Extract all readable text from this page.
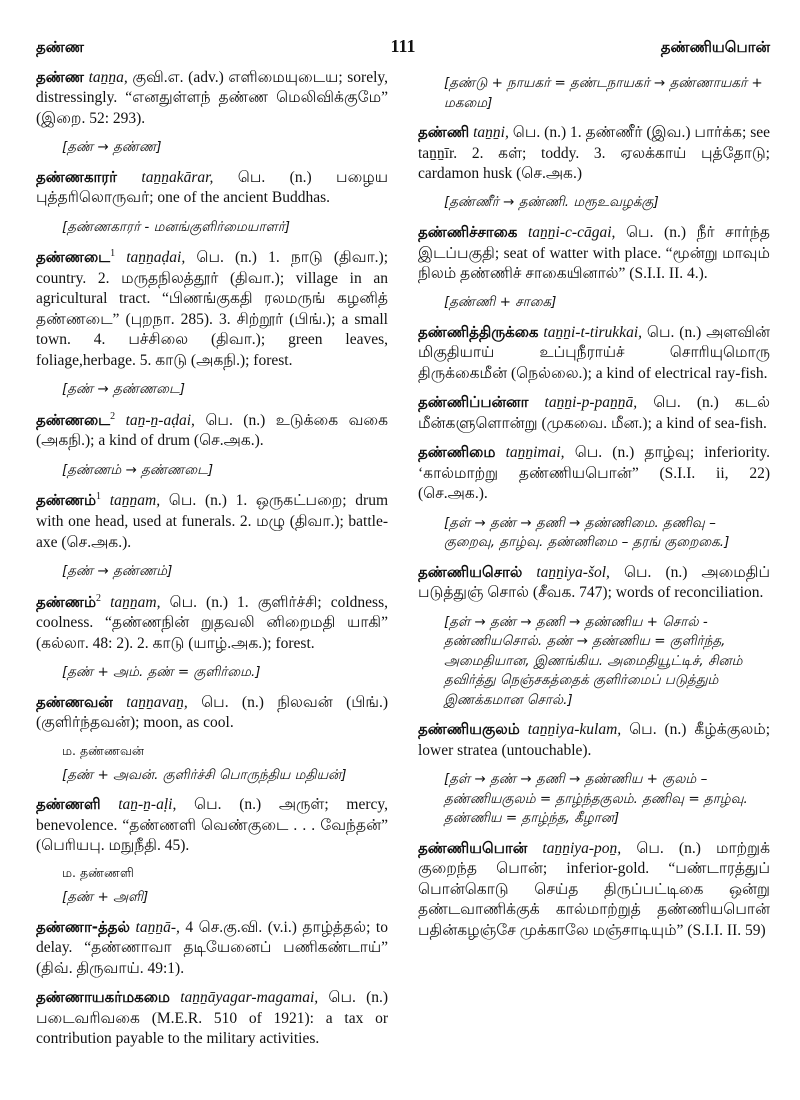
தண்ண	111	தண்ணியபொன்
தண்ண taṉṉa, குவி.எ. (adv.) எளிமையுடைய; sorely, distressingly. “எனதுள்ளந் தண்ண மெலிவிக்குமே” (இறை. 52: 293).
[தண் → தண்ண]
தண்ணகாரர் taṉṉakārar, பெ. (n.) பழைய புத்தரிலொருவர்; one of the ancient Buddhas.
[தண்ணகாரர் - மனங்குளிர்மையாளர்]
தண்ணடை$^1$ taṉṉaḍai, பெ. (n.) 1. நாடு (திவா.); country. 2. மருதநிலத்தூர் (திவா.); village in an agricultural tract. “பிணங்குகதி ரலமருங் கழனித் தண்ணடை” (புறநா. 285). 3. சிற்றூர் (பிங்.); a small town. 4. பச்சிலை (திவா.); green leaves, foliage,herbage. 5. காடு (அகநி.); forest.
[தண் → தண்ணடை]
தண்ணடை$^2$ taṉ-ṉ-aḍai, பெ. (n.) உடுக்கை வகை (அகநி.); a kind of drum (செ.அக.).
[தண்ணம் → தண்ணடை]
தண்ணம்$^1$ taṉṉam, பெ. (n.) 1. ஒருகட்பறை; drum with one head, used at funerals. 2. மழு (திவா.); battle-axe (செ.அக.).
[தண் → தண்ணம்]
தண்ணம்$^2$ taṉṉam, பெ. (n.) 1. குளிர்ச்சி; coldness, coolness. “தண்ணநின் றுதவலி னிறைமதி யாகி” (கல்லா. 48: 2). 2. காடு (யாழ்.அக.); forest.
[தண் + அம். தண் = குளிர்மை.]
தண்ணவன் taṉṉavaṉ, பெ. (n.) நிலவன் (பிங்.) (குளிர்ந்தவன்); moon, as cool.
ம. தண்ணவன்
[தண் + அவன். குளிர்ச்சி பொருந்திய மதியன்]
தண்ணளி taṉ-ṉ-aḷi, பெ. (n.) அருள்; mercy, benevolence. “தண்ணளி வெண்குடை . . . வேந்தன்” (பெரியபு. மநுநீதி. 45).
ம. தண்ணளி
[தண் + அளி]
தண்ணா-த்தல் taṉṉā-, 4 செ.கு.வி. (v.i.) தாழ்த்தல்; to delay. “தண்ணாவா தடியேனைப் பணிகண்டாய்” (திவ். திருவாய். 49:1).
தண்ணாயகர்மகமை taṉṉāyagar-magamai, பெ. (n.) படைவரிவகை (M.E.R. 510 of 1921): a tax or contribution payable to the military activities.
[தண்டு + நாயகர் = தண்டநாயகர் → தண்ணாயகர் + மகமை]
தண்ணி taṉṉi, பெ. (n.) 1. தண்ணீர் (இவ.) பார்க்க; see taṉṉīr. 2. கள்; toddy. 3. ஏலக்காய் புத்தோடு; cardamon husk (செ.அக.)
[தண்ணீர் → தண்ணி. மரூஉவழக்கு]
தண்ணிச்சாகை taṉṉi-c-cāgai, பெ. (n.) நீர் சார்ந்த இடப்பகுதி; seat of watter with place. “மூன்று மாவும் நிலம் தண்ணிச் சாகையினால்” (S.I.I. II. 4.).
[தண்ணி + சாகை]
தண்ணித்திருக்கை taṉṉi-t-tirukkai, பெ. (n.) அளவின் மிகுதியாய் உப்புநீராய்ச் சொரியுமொரு திருக்கைமீன் (நெல்லை.); a kind of electrical ray-fish.
தண்ணிப்பன்னா taṉṉi-p-paṉṉā, பெ. (n.) கடல் மீன்களுளொன்று (முகவை. மீன.); a kind of sea-fish.
தண்ணிமை taṉṉimai, பெ. (n.) தாழ்வு; inferiority. ‘கால்மாற்று தண்ணியபொன்” (S.I.I. ii, 22) (செ.அக.).
[தள் → தண் → தணி → தண்ணிமை. தணிவு – குறைவு, தாழ்வு. தண்ணிமை – தரங் குறைகை.]
தண்ணியசொல் taṉṉiya-šol, பெ. (n.) அமைதிப் படுத்துஞ் சொல் (சீவக. 747); words of reconciliation.
[தள் → தண் → தணி → தண்ணிய + சொல் - தண்ணியசொல். தண் → தண்ணிய = குளிர்ந்த, அமைதியான, இணங்கிய. அமைதியூட்டிச், சினம் தவிர்த்து நெஞ்சகத்தைக் குளிர்மைப் படுத்தும் இணக்கமான சொல்.]
தண்ணியகுலம் taṉṉiya-kulam, பெ. (n.) கீழ்க்குலம்; lower stratea (untouchable).
[தள் → தண் → தணி → தண்ணிய + குலம் – தண்ணியகுலம் = தாழ்ந்தகுலம். தணிவு = தாழ்வு. தண்ணிய = தாழ்ந்த, கீழான]
தண்ணியபொன் taṉṉiya-poṉ, பெ. (n.) மாற்றுக் குறைந்த பொன்; inferior-gold. “பண்டாரத்துப் பொன்கொடு செய்த திருப்பட்டிகை ஒன்று தண்டவாணிக்குக் கால்மாற்றுத் தண்ணியபொன் பதின்கழஞ்சே முக்காலே மஞ்சாடியும்” (S.I.I. II. 59)
